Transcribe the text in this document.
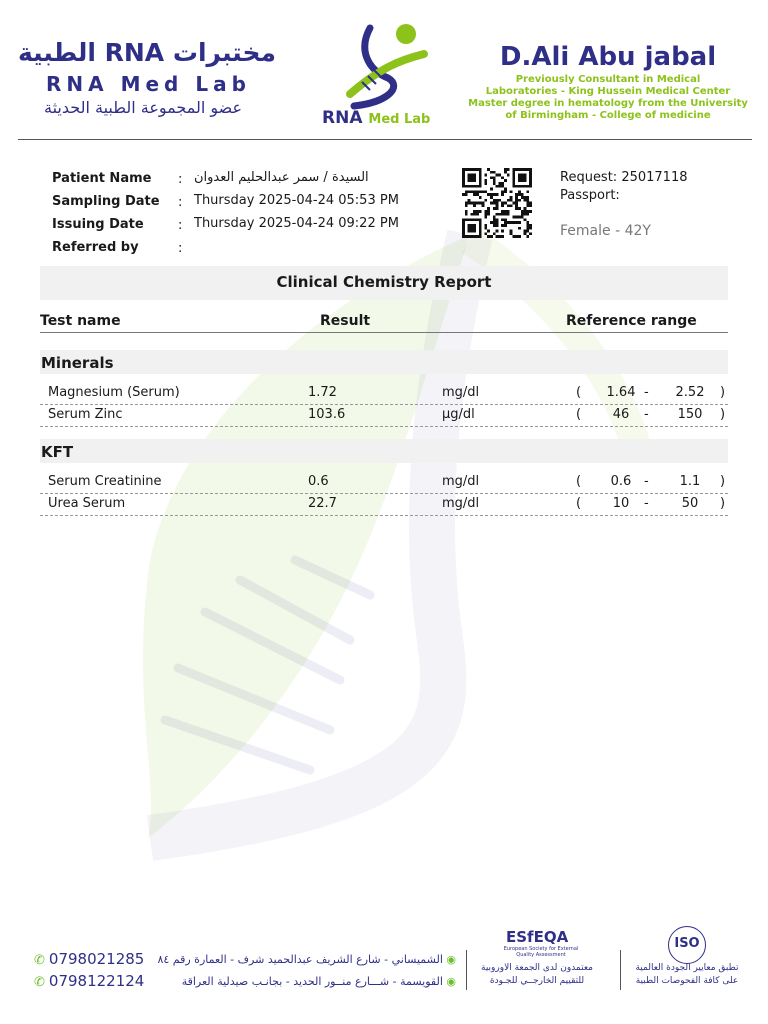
مختبرات RNA الطبية
RNA Med Lab
عضو المجموعة الطبية الحديثة
RNA Med Lab
D.Ali Abu jabal
Previously Consultant in Medical
Laboratories - King Hussein Medical Center
Master degree in hematology from the University
of Birmingham - College of medicine
Patient Name : السيدة / سمر عبدالحليم العدوان
Sampling Date : Thursday 2025-04-24 05:53 PM
Issuing Date	: Thursday 2025-04-24 09:22 PM
Referred by	:
Request: 25017118
Passport:
Female - 42Y
Clinical Chemistry Report
Test name	Result	Reference range
Minerals
Magnesium (Serum)	1.72	mg/dl	( 1.64 - 2.52 )
Serum Zinc	103.6	μg/dl	(	46	-	150	)
KFT
Serum Creatinine	0.6	mg/dl	(	0.6 -	1.1	)
Urea Serum	22.7	mg/dl	(	10	-	50	)
✆ 0798021285
✆ 0798122124
◉ الشميساني - شارع الشريف عبدالحميد شرف - العمارة رقم ٨٤
◉ القويسمة - شـــارع منــور الحديد - بجانـب صيدلية العراقة
ESfEQA
European Society for External Quality Assessment
معتمدون لدى الجمعة الاوروبية
للتقييم الخارجــي للجـودة
ISO
تطبق معايير الجودة العالمية
على كافة الفحوصات الطبية
